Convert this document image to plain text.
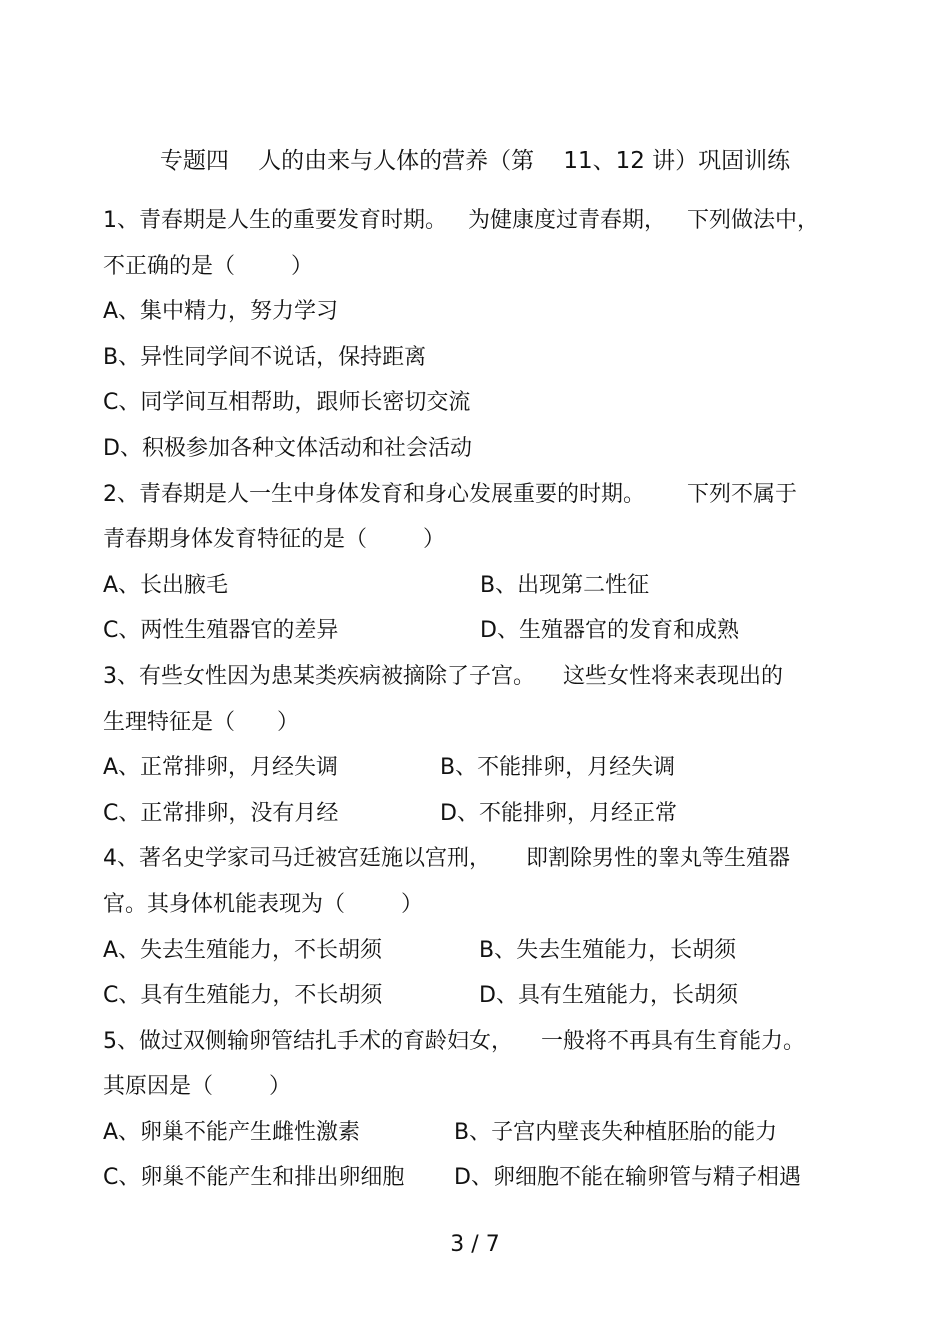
专题四    人的由来与人体的营养（第    11、12 讲）巩固训练
1、青春期是人生的重要发育时期。   为健康度过青春期，   下列做法中，
不正确的是（        ）
A、集中精力，努力学习
B、异性同学间不说话，保持距离
C、同学间互相帮助，跟师长密切交流
D、积极参加各种文体活动和社会活动
2、青春期是人一生中身体发育和身心发展重要的时期。      下列不属于
青春期身体发育特征的是（        ）
A、长出腋毛	B、出现第二性征
C、两性生殖器官的差异	D、生殖器官的发育和成熟
3、有些女性因为患某类疾病被摘除了子宫。    这些女性将来表现出的
生理特征是（      ）
A、正常排卵，月经失调	B、不能排卵，月经失调
C、正常排卵，没有月经	D、不能排卵，月经正常
4、著名史学家司马迁被宫廷施以宫刑，     即割除男性的睾丸等生殖器
官。其身体机能表现为（        ）
A、失去生殖能力，不长胡须	B、失去生殖能力，长胡须
C、具有生殖能力，不长胡须	D、具有生殖能力，长胡须
5、做过双侧输卵管结扎手术的育龄妇女，    一般将不再具有生育能力。
其原因是（        ）
A、卵巢不能产生雌性激素	B、子宫内壁丧失种植胚胎的能力
C、卵巢不能产生和排出卵细胞	D、卵细胞不能在输卵管与精子相遇
3 / 7
